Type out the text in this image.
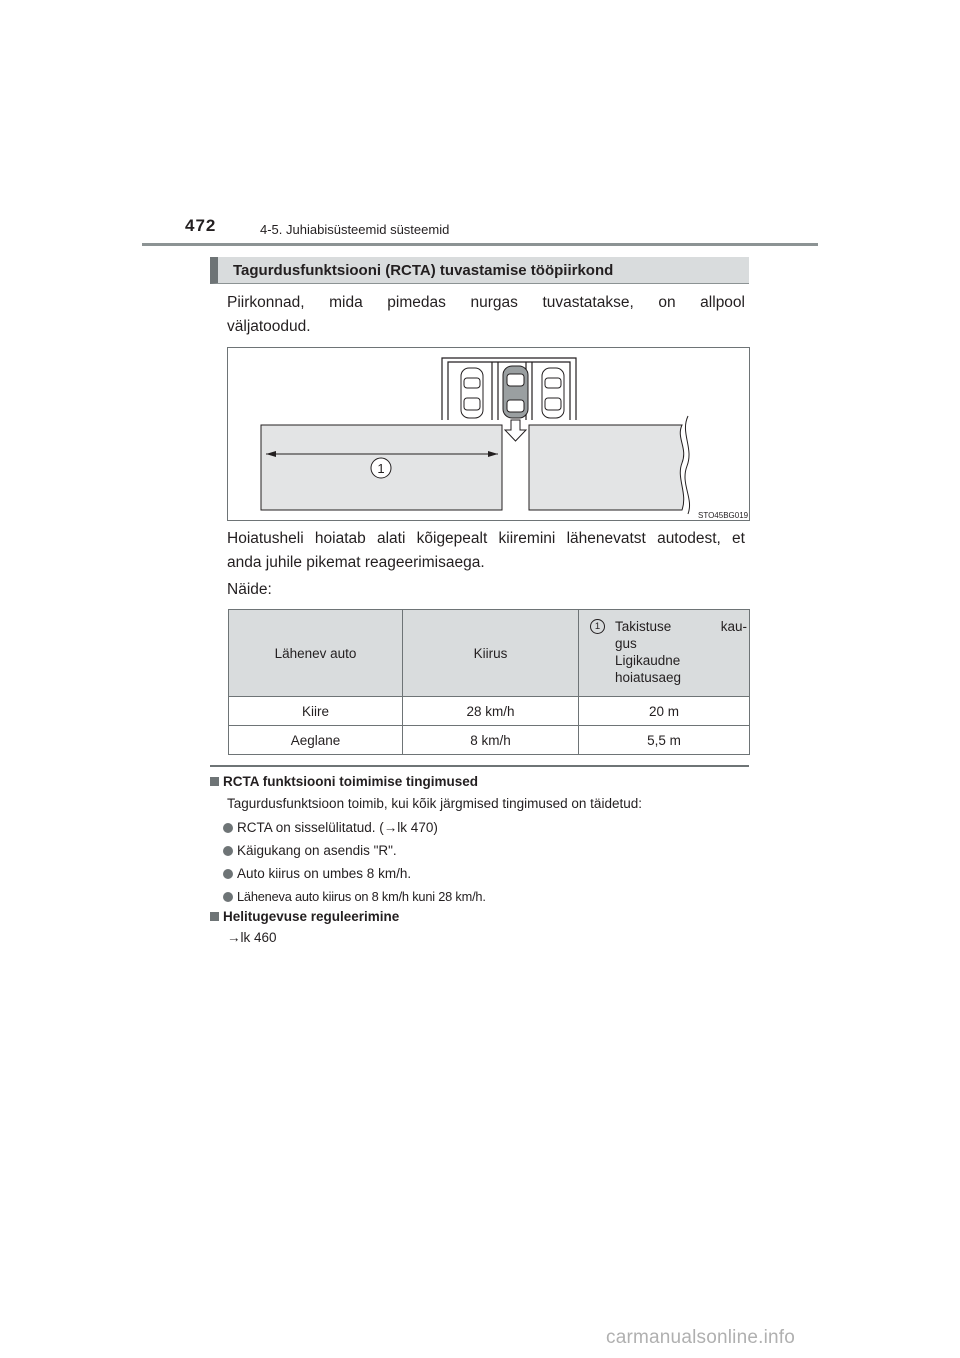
472	4-5. Juhiabisüsteemid süsteemid
Tagurdusfunktsiooni (RCTA) tuvastamise tööpiirkond
Piirkonnad, mida pimedas nurgas tuvastatakse, on allpool
väljatoodud.
1
STO45BG019
Hoiatusheli hoiatab alati kõigepealt kiiremini lähenevatst autodest, et
anda juhile pikemat reageerimisaega.
Näide:
Lähenev auto	Kiirus	1 Takistuse kau-
gus
Ligikaudne
hoiatusaeg

Kiire	28 km/h	20 m
Aeglane	8 km/h	5,5 m
RCTA funktsiooni toimimise tingimused
Tagurdusfunktsioon toimib, kui kõik järgmised tingimused on täidetud:
RCTA on sisselülitatud. (→lk 470)
Käigukang on asendis "R".
Auto kiirus on umbes 8 km/h.
Läheneva auto kiirus on 8 km/h kuni 28 km/h.
Helitugevuse reguleerimine
→lk 460
carmanualsonline.info
